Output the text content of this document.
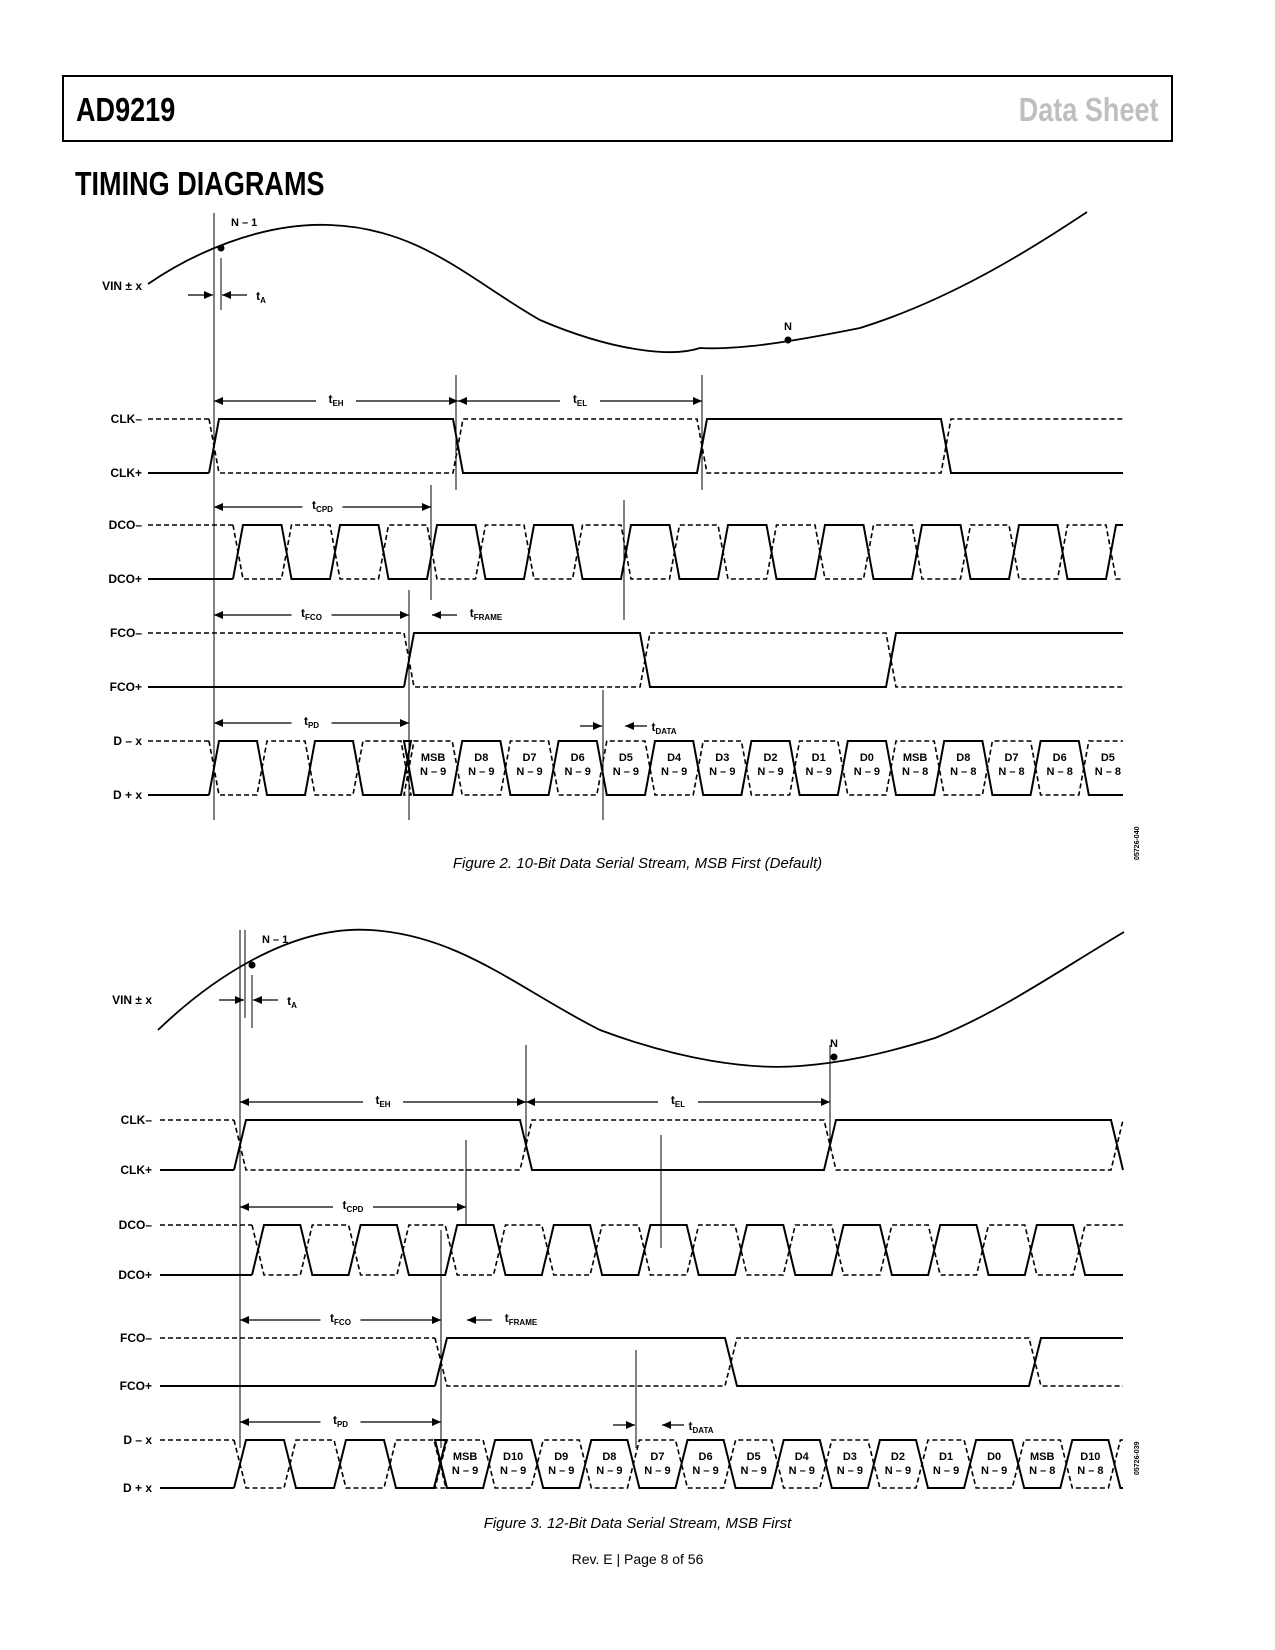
AD9219	Data Sheet
TIMING DIAGRAMS
VIN ± x
CLK–
CLK+
DCO–
DCO+
FCO–
FCO+
D – x
D + x
N – 1
N
$t_A$
$t_{EH}$	$t_{EL}$
$t_{CPD}$
$t_{FCO}$	$t_{FRAME}$
$t_{PD}$	$t_{DATA}$
MSB
N – 9
D8
N – 9
D7
N – 9
D6
N – 9
D5
N – 9
D4
N – 9
D3
N – 9
D2
N – 9
D1
N – 9
D0
N – 9
MSB
N – 8
D8
N – 8
D7
N – 8
D6
N – 8
D5
N – 8
05726-040
Figure 2. 10-Bit Data Serial Stream, MSB First (Default)
VIN ± x
CLK–
CLK+
DCO–
DCO+
FCO–
FCO+
D – x
D + x
N – 1
N
$t_A$
$t_{EH}$	$t_{EL}$
$t_{CPD}$
$t_{FCO}$	$t_{FRAME}$
$t_{PD}$	$t_{DATA}$
MSB
N – 9
D10
N – 9
D9
N – 9
D8
N – 9
D7
N – 9
D6
N – 9
D5
N – 9
D4
N – 9
D3
N – 9
D2
N – 9
D1
N – 9
D0
N – 9
MSB
N – 8
D10
N – 8	05726-039
Figure 3. 12-Bit Data Serial Stream, MSB First
Rev. E | Page 8 of 56
